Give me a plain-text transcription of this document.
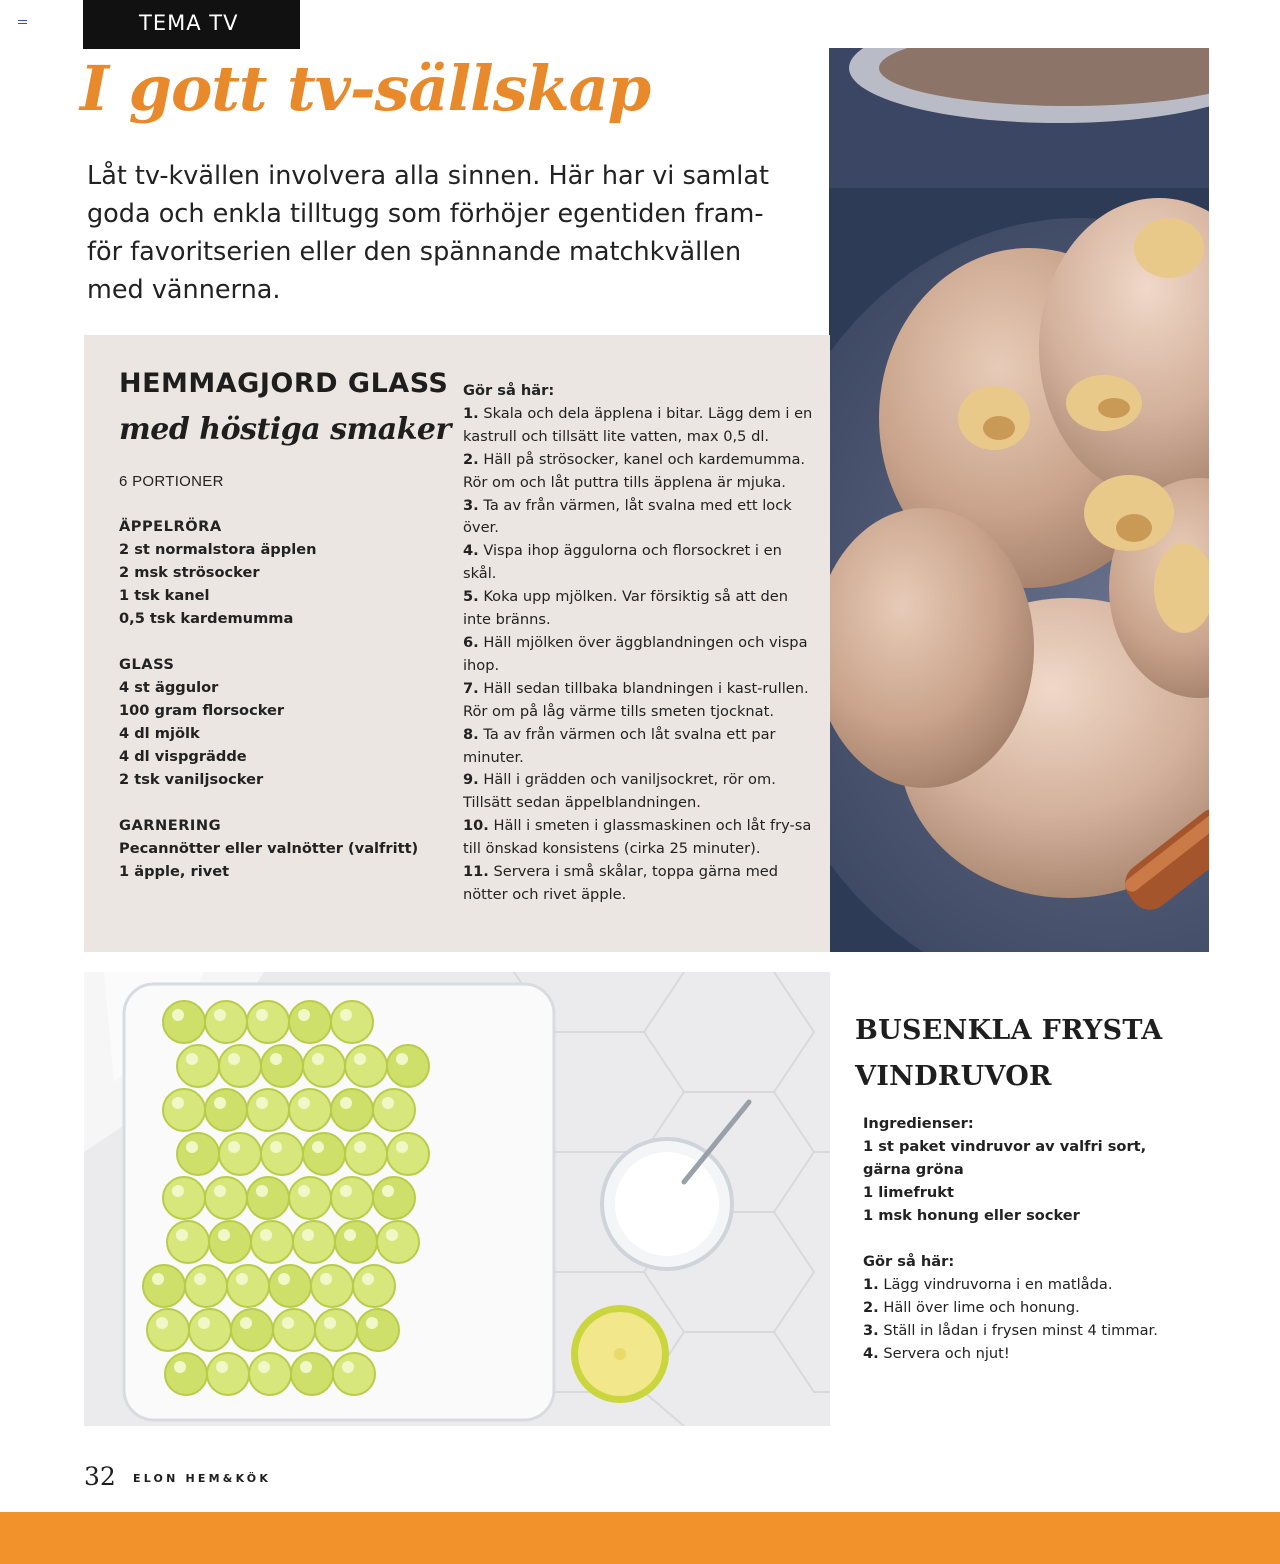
TEMA TV
I gott tv-sällskap

Låt tv-kvällen involvera alla sinnen. Här har vi samlat goda och enkla tilltugg som förhöjer egentiden fram-för favoritserien eller den spännande matchkvällen med vännerna.

HEMMAGJORD GLASS
med höstiga smaker
6 PORTIONER
ÄPPELRÖRA
2 st normalstora äpplen
2 msk strösocker
1 tsk kanel
0,5 tsk kardemumma
GLASS
4 st äggulor
100 gram florsocker
4 dl mjölk
4 dl vispgrädde
2 tsk vaniljsocker
GARNERING
Pecannötter eller valnötter (valfritt)
1 äpple, rivet
Gör så här:
1. Skala och dela äpplena i bitar. Lägg dem i en kastrull och tillsätt lite vatten, max 0,5 dl.
2. Häll på strösocker, kanel och kardemumma. Rör om och låt puttra tills äpplena är mjuka.
3. Ta av från värmen, låt svalna med ett lock över.
4. Vispa ihop äggulorna och florsockret i en skål.
5. Koka upp mjölken. Var försiktig så att den inte bränns.
6. Häll mjölken över äggblandningen och vispa ihop.
7. Häll sedan tillbaka blandningen i kast-rullen. Rör om på låg värme tills smeten tjocknat.
8. Ta av från värmen och låt svalna ett par minuter.
9. Häll i grädden och vaniljsockret, rör om. Tillsätt sedan äppelblandningen.
10. Häll i smeten i glassmaskinen och låt fry-sa till önskad konsistens (cirka 25 minuter).
11. Servera i små skålar, toppa gärna med nötter och rivet äpple.
BUSENKLA FRYSTA VINDRUVOR
Ingredienser:
1 st paket vindruvor av valfri sort, gärna gröna
1 limefrukt
1 msk honung eller socker
Gör så här:
1. Lägg vindruvorna i en matlåda.
2. Häll över lime och honung.
3. Ställ in lådan i frysen minst 4 timmar.
4. Servera och njut!
32 ELON HEM&KÖK
